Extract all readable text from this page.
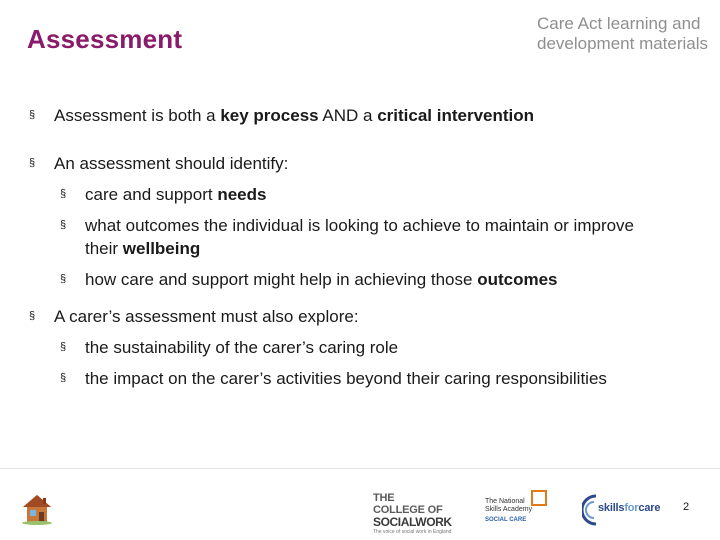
Assessment
Care Act learning and
development materials
§ Assessment is both a key process AND a critical intervention
§ An assessment should identify:
§ care and support needs
§ what outcomes the individual is looking to achieve to maintain or improve their wellbeing
§ how care and support might help in achieving those outcomes
§ A carer’s assessment must also explore:
§ the sustainability of the carer’s caring role
§ the impact on the carer’s activities beyond their caring responsibilities
THE COLLEGE OF
SOCIALWORK
The voice of social work in England
The National
Skills Academy
SOCIAL CARE
skillsforcare 2
